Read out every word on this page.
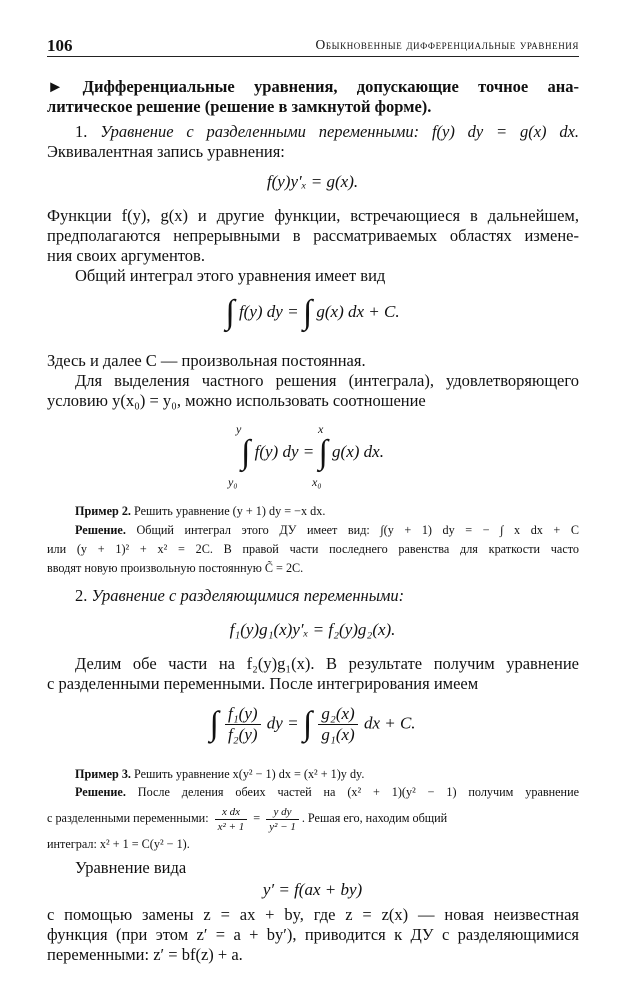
106	Обыкновенные дифференциальные уравнения
► Дифференциальные уравнения, допускающие точное ана-
литическое решение (решение в замкнутой форме).
1. Уравнение с разделенными переменными: f(y) dy = g(x) dx.
Эквивалентная запись уравнения:
f(y)y′ₓ = g(x).
Функции f(y), g(x) и другие функции, встречающиеся в дальнейшем,
предполагаются непрерывными в рассматриваемых областях измене-
ния своих аргументов.
Общий интеграл этого уравнения имеет вид
∫ f(y) dy = ∫ g(x) dx + C.
Здесь и далее C — произвольная постоянная.
Для выделения частного решения (интеграла), удовлетворяющего
условию y(x₀) = y₀, можно использовать соотношение
∫ f(y) dy = ∫ g(x) dx.
y
y₀
x
x₀
Пример 2. Решить уравнение (y + 1) dy = −x dx.
Решение. Общий интеграл этого ДУ имеет вид: ∫(y + 1) dy = − ∫ x dx + C
или (y + 1)² + x² = 2C. В правой части последнего равенства для краткости часто
вводят новую произвольную постоянную C̃ = 2C.
2. Уравнение с разделяющимися переменными:
f₁(y)g₁(x)y′ₓ = f₂(y)g₂(x).
Делим обе части на f₂(y)g₁(x). В результате получим уравнение
с разделенными переменными. После интегрирования имеем
∫ $\frac{\text{f₁(y)}}{\text{f₂(y)}}$ dy = ∫ $\frac{\text{g₂(x)}}{\text{g₁(x)}}$ dx + C.
Пример 3. Решить уравнение x(y² − 1) dx = (x² + 1)y dy.
Решение. После деления обеих частей на (x² + 1)(y² − 1) получим уравнение
с разделенными переменными: $\frac{\text{x dx}}{\text{x² + 1}} = \frac{\text{y dy}}{\text{y² − 1}}$ . Решая его, находим общий
интеграл: x² + 1 = C(y² − 1).
Уравнение вида
y′ = f(ax + by)
с помощью замены z = ax + by, где z = z(x) — новая неизвестная
функция (при этом z′ = a + by′), приводится к ДУ с разделяющимися
переменными: z′ = bf(z) + a.
